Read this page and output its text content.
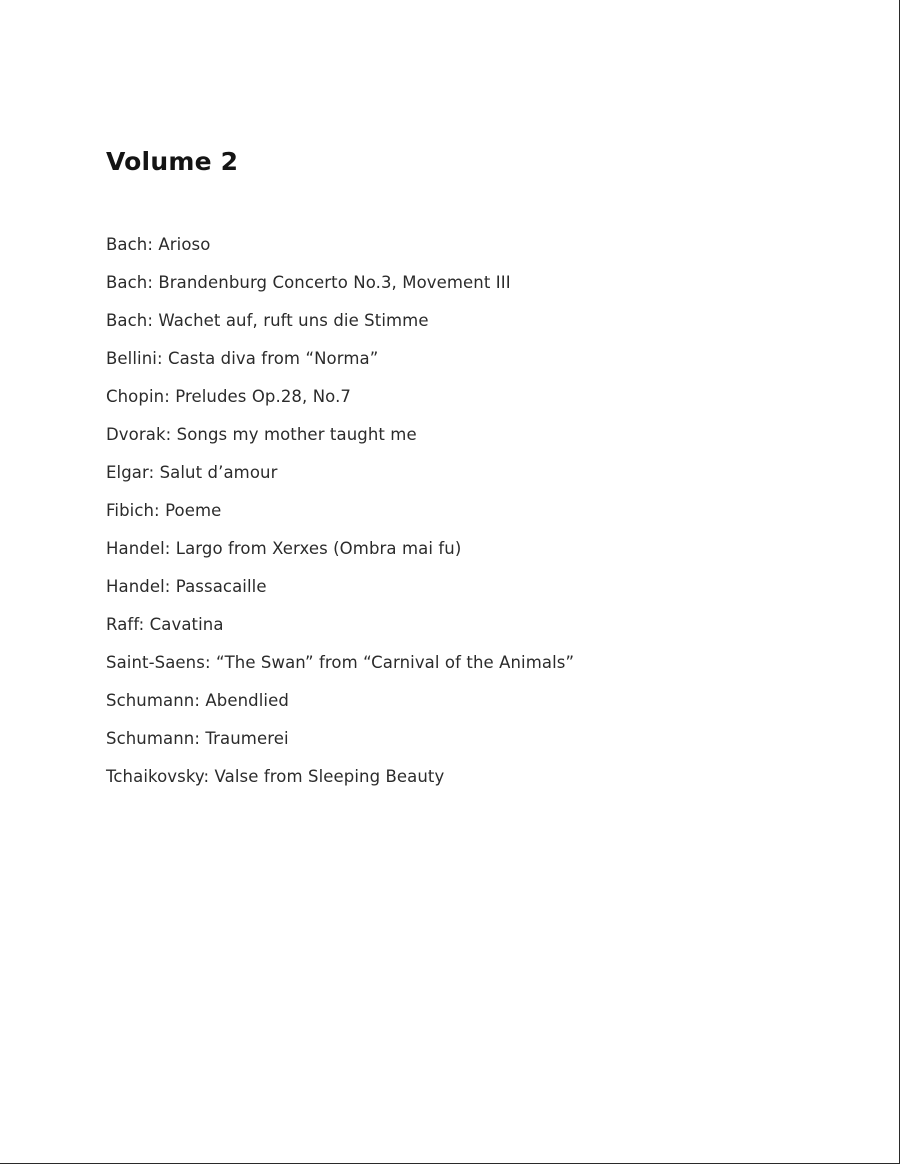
Volume 2
Bach: Arioso
Bach: Brandenburg Concerto No.3, Movement III
Bach: Wachet auf, ruft uns die Stimme
Bellini: Casta diva from “Norma”
Chopin: Preludes Op.28, No.7
Dvorak: Songs my mother taught me
Elgar: Salut d’amour
Fibich: Poeme
Handel: Largo from Xerxes (Ombra mai fu)
Handel: Passacaille
Raff: Cavatina
Saint-Saens: “The Swan” from “Carnival of the Animals”
Schumann: Abendlied
Schumann: Traumerei
Tchaikovsky: Valse from Sleeping Beauty
